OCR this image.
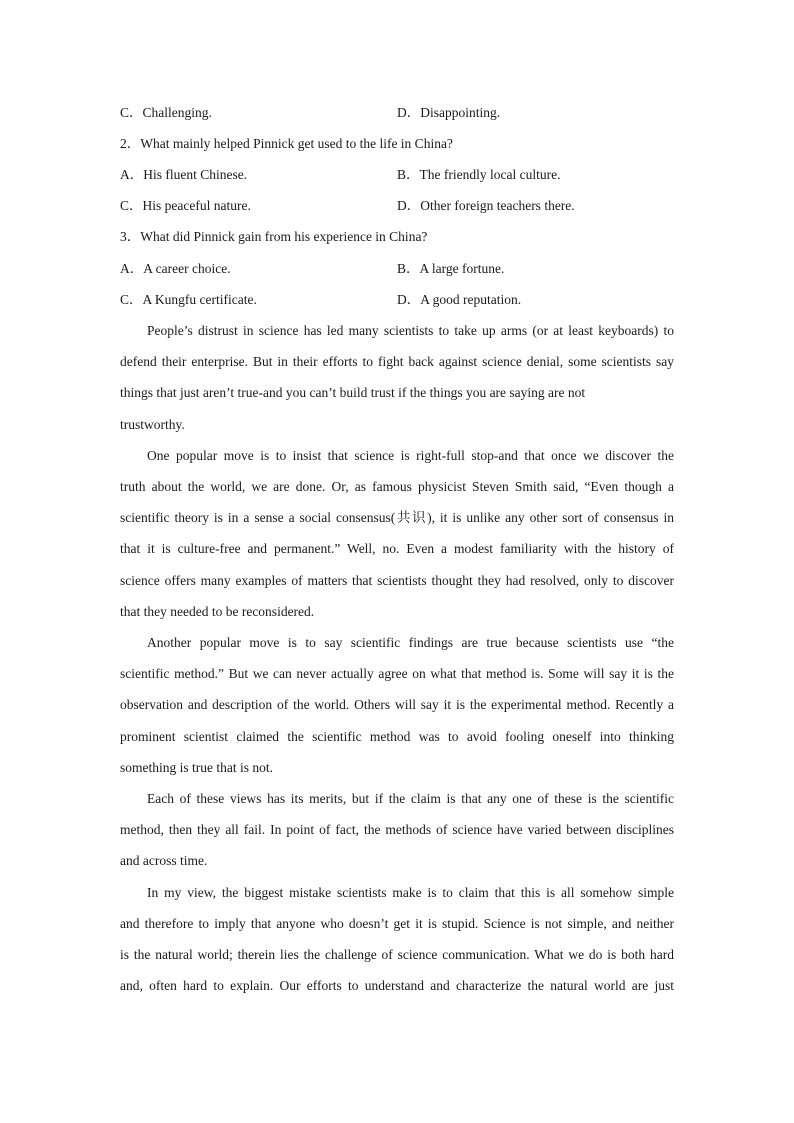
C．Challenging.	D．Disappointing.
2．What mainly helped Pinnick get used to the life in China?
A．His fluent Chinese.	B．The friendly local culture.
C．His peaceful nature.	D．Other foreign teachers there.
3．What did Pinnick gain from his experience in China?
A．A career choice.	B．A large fortune.
C．A Kungfu certificate.	D．A good reputation.
People’s distrust in science has led many scientists to take up arms (or at least keyboards) to
defend their enterprise. But in their efforts to fight back against science denial, some scientists say
things that just aren’t true-and you can’t build trust if the things you are saying are not
trustworthy.
One popular move is to insist that science is right-full stop-and that once we discover the
truth about the world, we are done. Or, as famous physicist Steven Smith said, “Even though a
scientific theory is in a sense a social consensus(共识), it is unlike any other sort of consensus in
that it is culture-free and permanent.” Well, no. Even a modest familiarity with the history of
science offers many examples of matters that scientists thought they had resolved, only to discover
that they needed to be reconsidered.
Another popular move is to say scientific findings are true because scientists use “the
scientific method.” But we can never actually agree on what that method is. Some will say it is the
observation and description of the world. Others will say it is the experimental method. Recently a
prominent scientist claimed the scientific method was to avoid fooling oneself into thinking
something is true that is not.
Each of these views has its merits, but if the claim is that any one of these is the scientific
method, then they all fail. In point of fact, the methods of science have varied between disciplines
and across time.
In my view, the biggest mistake scientists make is to claim that this is all somehow simple
and therefore to imply that anyone who doesn’t get it is stupid. Science is not simple, and neither
is the natural world; therein lies the challenge of science communication. What we do is both hard
and, often hard to explain. Our efforts to understand and characterize the natural world are just
